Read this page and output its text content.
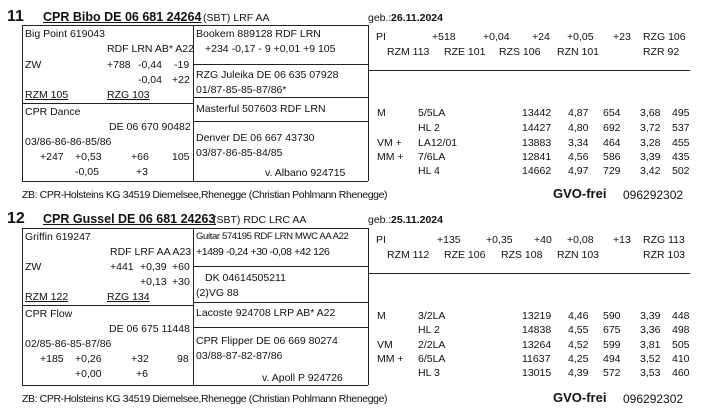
11 CPR Bibo DE 06 681 24264 (SBT) LRF AA	geb.: 26.11.2024
Big Point 619043
RDF LRN AB* A22
ZW	+788 -0,44 -19
-0,04 +22
RZM 105	RZG 103
CPR Dance
DE 06 670 90482
03/86-86-86-85/86
+247 +0,53	+66 105
-0,05	+3
Bookem 889128 RDF LRN
+234 -0,17 - 9 +0,01 +9 105
RZG Juleika DE 06 635 07928
01/87-85-85-87/86*
Masterful 507603 RDF LRN
Denver DE 06 667 43730
03/87-86-85-84/85
v. Albano 924715
PI	+518	+0,04 +24 +0,05 +23 RZG 106
RZM 113 RZE 101 RZS 106 RZN 101	RZR 92
M	5/5LA	13442 4,87 654 3,68 495
HL 2	14427 4,80 692 3,72 537
VM + LA12/01	13883 3,34 464 3,28 455
MM + 7/6LA	12841 4,56 586 3,39 435
HL 4	14662 4,97 729 3,42 502
ZB: CPR-Holsteins KG 34519 Diemelsee,Rhenegge (Christian Pohlmann Rhenegge)	GVO-frei 096292302
12 CPR Gussel DE 06 681 24263
(SBT) RDC LRC AA	geb.: 25.11.2024
Griffin 619247
RDF LRF AA A23
ZW	+441 +0,39 +60
+0,13 +30
RZM 122	RZG 134
CPR Flow
DE 06 675 11448
02/85-86-85-87/86
+185 +0,26	+32	98
+0,00	+6
Guitar 574195 RDF LRN MWC AA A22
+1489 -0,24 +30 -0,08 +42 126
DK 04614505211
(2)VG 88
Lacoste 924708 LRP AB* A22
CPR Flipper DE 06 669 80274
03/88-87-82-87/86
v. Apoll P 924726
PI	+135 +0,35 +40 +0,08 +13 RZG 113
RZM 112 RZE 106 RZS 108 RZN 103	RZR 103
M	3/2LA	13219 4,46 590 3,39 448
HL 2	14838 4,55 675 3,36 498
VM 2/2LA	13264 4,52 599 3,81 505
MM + 6/5LA	11637 4,25 494 3,52 410
HL 3	13015 4,39 572 3,53 460
ZB: CPR-Holsteins KG 34519 Diemelsee,Rhenegge (Christian Pohlmann Rhenegge)	GVO-frei 096292302
